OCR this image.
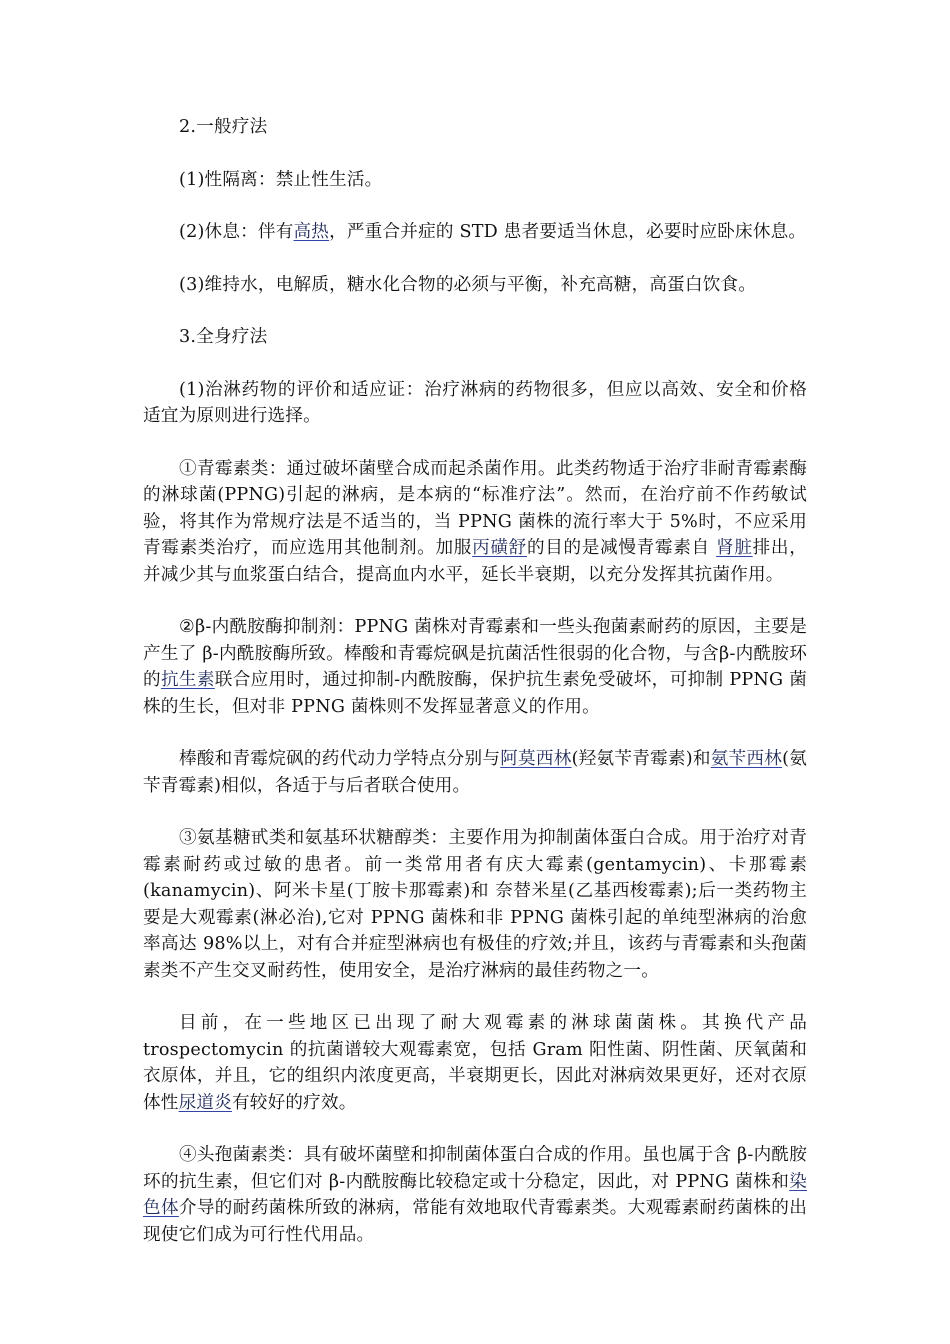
2.一般疗法

(1)性隔离：禁止性生活。

(2)休息：伴有高热，严重合并症的 STD 患者要适当休息，必要时应卧床休息。

(3)维持水，电解质，糖水化合物的必须与平衡，补充高糖，高蛋白饮食。

3.全身疗法

(1)治淋药物的评价和适应证：治疗淋病的药物很多，但应以高效、安全和价格适宜为原则进行选择。

①青霉素类：通过破坏菌壁合成而起杀菌作用。此类药物适于治疗非耐青霉素酶的淋球菌(PPNG)引起的淋病，是本病的“标准疗法”。然而，在治疗前不作药敏试验，将其作为常规疗法是不适当的，当 PPNG 菌株的流行率大于 5%时，不应采用青霉素类治疗，而应选用其他制剂。加服丙磺舒的目的是减慢青霉素自 肾脏排出，并减少其与血浆蛋白结合，提高血内水平，延长半衰期，以充分发挥其抗菌作用。

②β-内酰胺酶抑制剂：PPNG 菌株对青霉素和一些头孢菌素耐药的原因，主要是产生了 β-内酰胺酶所致。棒酸和青霉烷砜是抗菌活性很弱的化合物，与含β-内酰胺环的抗生素联合应用时，通过抑制-内酰胺酶，保护抗生素免受破坏，可抑制 PPNG 菌株的生长，但对非 PPNG 菌株则不发挥显著意义的作用。

棒酸和青霉烷砜的药代动力学特点分别与阿莫西林(羟氨苄青霉素)和氨苄西林(氨苄青霉素)相似，各适于与后者联合使用。

③氨基糖甙类和氨基环状糖醇类：主要作用为抑制菌体蛋白合成。用于治疗对青霉素耐药或过敏的患者。前一类常用者有庆大霉素(gentamycin)、卡那霉素(kanamycin)、阿米卡星(丁胺卡那霉素)和 奈替米星(乙基西梭霉素);后一类药物主要是大观霉素(淋必治),它对 PPNG 菌株和非 PPNG 菌株引起的单纯型淋病的治愈率高达 98%以上，对有合并症型淋病也有极佳的疗效;并且，该药与青霉素和头孢菌素类不产生交叉耐药性，使用安全，是治疗淋病的最佳药物之一。

目前，在一些地区已出现了耐大观霉素的淋球菌菌株。其换代产品 trospectomycin 的抗菌谱较大观霉素宽，包括 Gram 阳性菌、阴性菌、厌氧菌和衣原体，并且，它的组织内浓度更高，半衰期更长，因此对淋病效果更好，还对衣原体性尿道炎有较好的疗效。

④头孢菌素类：具有破坏菌壁和抑制菌体蛋白合成的作用。虽也属于含 β-内酰胺环的抗生素，但它们对 β-内酰胺酶比较稳定或十分稳定，因此，对 PPNG 菌株和染色体介导的耐药菌株所致的淋病，常能有效地取代青霉素类。大观霉素耐药菌株的出现使它们成为可行性代用品。
